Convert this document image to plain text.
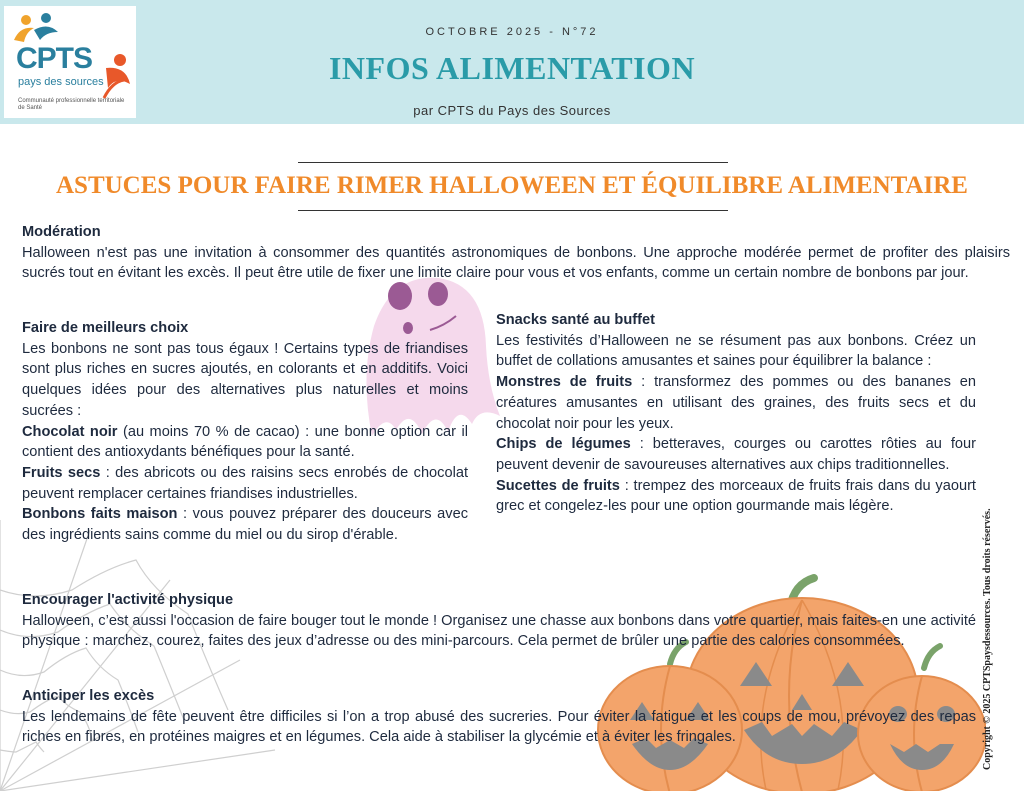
CPTS
pays des sources
Communauté professionnelle territoriale de Santé
OCTOBRE 2025 - N°72
INFOS ALIMENTATION
par CPTS du Pays des Sources
ASTUCES POUR FAIRE RIMER HALLOWEEN ET ÉQUILIBRE ALIMENTAIRE
Modération

Halloween n'est pas une invitation à consommer des quantités astronomiques de bonbons. Une approche modérée permet de profiter des plaisirs sucrés tout en évitant les excès. Il peut être utile de fixer une limite claire pour vous et vos enfants, comme un certain nombre de bonbons par jour.

Faire de meilleurs choix

Les bonbons ne sont pas tous égaux ! Certains types de friandises sont plus riches en sucres ajoutés, en colorants et en additifs. Voici quelques idées pour des alternatives plus naturelles et moins sucrées :

Chocolat noir (au moins 70 % de cacao) : une bonne option car il contient des antioxydants bénéfiques pour la santé.

Fruits secs : des abricots ou des raisins secs enrobés de chocolat peuvent remplacer certaines friandises industrielles.

Bonbons faits maison : vous pouvez préparer des douceurs avec des ingrédients sains comme du miel ou du sirop d'érable.

Snacks santé au buffet

Les festivités d’Halloween ne se résument pas aux bonbons. Créez un buffet de collations amusantes et saines pour équilibrer la balance :

Monstres de fruits : transformez des pommes ou des bananes en créatures amusantes en utilisant des graines, des fruits secs et du chocolat noir pour les yeux.

Chips de légumes : betteraves, courges ou carottes rôties au four peuvent devenir de savoureuses alternatives aux chips traditionnelles.

Sucettes de fruits : trempez des morceaux de fruits frais dans du yaourt grec et congelez-les pour une option gourmande mais légère.

Encourager l'activité physique

Halloween, c’est aussi l'occasion de faire bouger tout le monde ! Organisez une chasse aux bonbons dans votre quartier, mais faites-en une activité physique : marchez, courez, faites des jeux d’adresse ou des mini-parcours. Cela permet de brûler une partie des calories consommées.

Anticiper les excès

Les lendemains de fête peuvent être difficiles si l’on a trop abusé des sucreries. Pour éviter la fatigue et les coups de mou, prévoyez des repas riches en fibres, en protéines maigres et en légumes. Cela aide à stabiliser la glycémie et à éviter les fringales.	Copyright © 2025 CPTSpaysdessources. Tous droits réservés.
